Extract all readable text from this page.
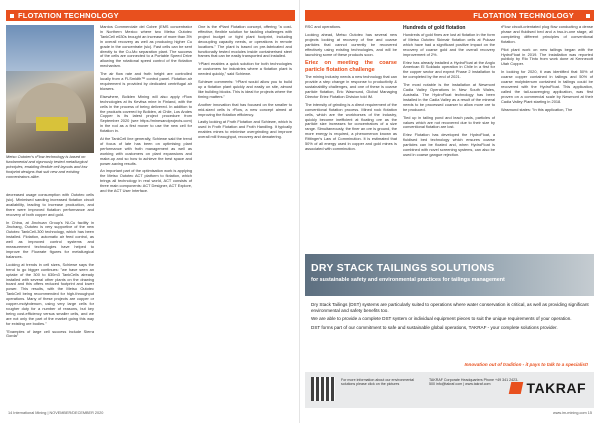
FLOTATION TECHNOLOGY
Metso Outotec's rFlow technology is based on fundamental and rigorously tested metallurgical principles, enabling flexible cell layouts and low footprint designs that suit new and existing concentrators alike.

decreased usage consumption with Outotec cells (sic). Minimised sanding increased flotation circuit availability, leading to increase production, and there were improved flotation performance and recovery of both copper and gold.

In China, at Jinchuan Group's Ni-Cu facility in Jinchang, Outotec is very supportive of the new Outotec TankCell-300 technology, which has been installed. Flotation, automatic air feed control, as well as improved control systems and measurement technologies have helped to improve the Flowrate figures for metallurgical balances.

Looking at trends in cell sizes, Schiewe says the trend to go bigger continues: "we have seen an uptake of the 300 to 630m3 TankCells already installed with several other plants on the drawing board and this offers reduced footprint and lower power. This results, with the Metso Outotec TankCell being recommended for high-throughput operations. Many of these projects are copper or copper-molybdenum, using very large cells for rougher duty for a number of reasons, but key being cost-efficiency versus smaller cells, and we are not only the part of the market going this way for existing ore bodies."

"Examples of large cell success include Sierra Gorda"

Mantos Commerciale del Cobre (EMS concentrator in Northern Mexico where two Metso Outotec TankCell e630s brought an increase of more than 3% in overall recovery as well as producing higher Cu grade in the concentrate (sic). Fast cells can be sent directly to the Cu-Mo separation plant. The success of the cells are connected to a Portable Speed Drive allowing the rotational speed control of the flotation mechanism.

The air flow rate and froth height are controlled locally from a FLSmidth™ control panel. Flotation air requirement is provided by dedicated centrifugal air blowers.

Elsewhere, Boliden Mining will also apply rFlow technologies at its Kevitsa mine in Finland, with the cells in the process of being delivered. In addition to the products covered by Boliden, at Chile, Los Andes Copper is its latest project procedure from September 2020 (see https://minesandprojects.com) in the rod as a first mover to use the new cell for flotation in.

At the TankCell line generally, Schiewe said the trend of focus of late has been on optimising plant performance with froth management as well as working with customers on plant expansions and make-up and so how to achieve the best space and power-saving results.

An important part of the optimisation work is applying the Metso Outotec ACT platform to flotation, which brings all technology in real world, ACT consists of three main components: ACT Designer, ACT Explore, and the ACT User Interface.

One is the rPlant Flotation concept, offering "a cost-effective, flexible solution for tackling challenges with project budget or tight plant footprint, including decoupling capacity needs, or operations in remote locations." The plant is based on pre-fabricated and functionally tested modules inside containerised steel frames that can be easily transported and installed.

"rPlant enables a quick solution for both technologies or customers for industries where a flotation plant is needed quickly," said Schiewe.

Schiewe comments: "rPlant would allow you to build up a flotation plant quickly and easily on site, almost like building blocks. This is ideal for projects where the timing matters."

Another innovation that has focused on the smaller to mid-sized cells is rFlow, a new concept aimed at improving the flotation efficiency.

Lastly looking at Froth Flotation and Schiewe, which is used in Froth Flotation and Froth Handling. It typically enables mines to minimise overgrinding and improve overall mill throughput, recovery and dewatering.

14 International Mining | NOVEMBER/DECEMBER 2020
FLOTATION TECHNOLOGY

RSC and operations.

Looking ahead, Metso Outotec has several new projects looking at recovery of fine and coarse particles that cannot currently be recovered effectively using existing technologies, and will be launching some of these products soon.

Eriez on meeting the coarse particle flotation challenge

The mining industry needs a new technology that can provide a step change in response to productivity & sustainability challenges, and one of these is coarse particle flotation, Eric Wasmund, Global Managing Director Eriez Flotation Division told IM.

The intensity of grinding is a direct requirement of the conventional flotation process. Mined rock flotation cells, which are the workhorses of the industry, quickly become inefficient at floating ore as the particle size increases for concentrators of a size range. Simultaneously, the finer an ore is ground, the more energy is required, a phenomenon known as Rittinger's Law of Comminution. It is estimated that 50% of all energy used in copper and gold mines is associated with comminution.

Hundreds of gold flotation

Hundreds of gold fines are lost at flotation in the form of Metso Outotec Skimair flotation cells at Pukaar which have had a significant positive impact on the recovery of coarse gold and the overall recovery improvement of 2%.

Eriez has already installed a HydroFloat at the Anglo American El Soldado operation in Chile in a first for the copper sector and expect Phase 2 installation to be completed by the end of 2021.

The most notable is the installation at Newmont Cadia Valley Operations in New South Wales, Australia. The HydroFloat technology has been installed in the Cadia Valley as a result of the mineral needs to be processed coarser to allow more ore to be produced.

Tied up in tailing pond and leach pads, particles of values which are not recovered due to their size by conventional flotation are lost.

Eriez Flotation has developed the HydroFloat, a fluidised bed technology which ensures coarse particles can be floated and, when HydroFloat is combined with novel screening systems, can also be used in coarse gangue rejection.

rFlow circuit-orientated plug flow conducting a dense phase and fluidised bed and a two-in-one stage, all completing different principles of conventional flotation.

Pilot plant work on new tailings began with the HydroFloat in 2019. The installation was reported publicly by Rio Tinto from work done at Kennecott Utah Copper.

In looking for 2020, it was identified that 50% of coarse copper contained in tailings and 50% of coarse molybdenum contained in tailings could be recovered with the HydroFloat. This application, called the tail-scavenging application, was first proven on a commercial scale by Newmont at their Cadia Valley Plant starting in 2018.

Wasmund states: "In this application, The

DRY STACK TAILINGS SOLUTIONS
for sustainable safety and environmental practices for tailings management

Dry Stack Tailings (DST) systems are particularly suited to operations where water conservation is critical, as well as providing significant environmental and safety benefits too.

We are able to provide a complete DST system or individual equipment pieces to suit the unique requirements of your operation.

DST forms part of our commitment to safe and sustainable global operations, TAKRAF - your complete solutions provider.

Innovation out of tradition - it pays to talk to a specialist!
For more information about our environmental solutions please click on the pictures
TAKRAF Corporate Headquarters Phone +49 341 2423-500 info@takraf.com | www.takraf.com	TAKRAF
www.im-mining.com 15
